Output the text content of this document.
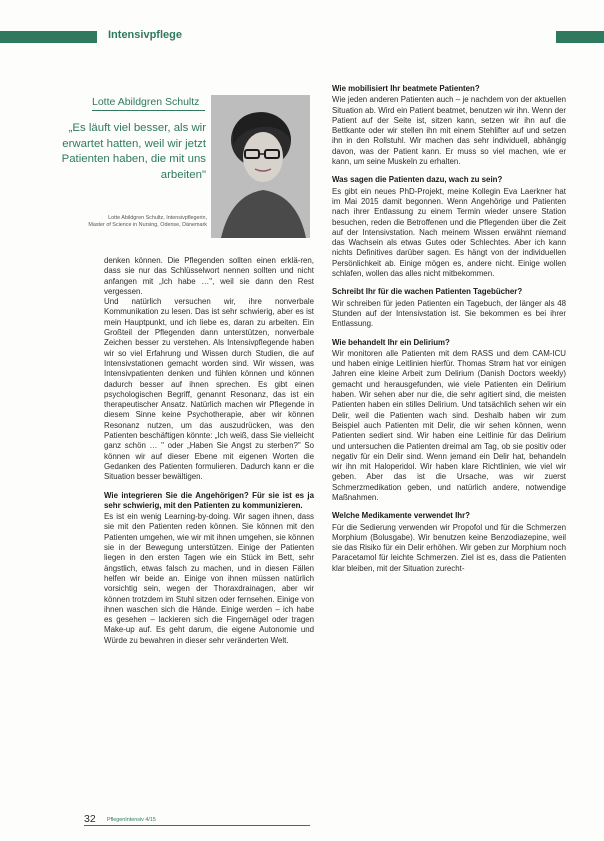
Intensivpflege
Lotte Abildgren Schultz
„Es läuft viel besser, als wir erwartet hatten, weil wir jetzt Patienten haben, die mit uns arbeiten"
Lotte Abildgren Schultz, Intensivpflegerin,
Master of Science in Nursing, Odense, Dänemark

denken können. Die Pflegenden sollten einen erklä-ren, dass sie nur das Schlüsselwort nennen sollten und nicht anfangen mit „Ich habe …", weil sie dann den Rest vergessen.

Und natürlich versuchen wir, ihre nonverbale Kommunikation zu lesen. Das ist sehr schwierig, aber es ist mein Hauptpunkt, und ich liebe es, daran zu arbeiten. Ein Großteil der Pflegenden dann unterstützen, nonverbale Zeichen besser zu verstehen. Als Intensivpflegende haben wir so viel Erfahrung und Wissen durch Studien, die auf Intensivstationen gemacht worden sind. Wir wissen, was Intensivpatienten denken und fühlen können und können dadurch besser auf ihnen sprechen. Es gibt einen psychologischen Begriff, genannt Resonanz, das ist ein therapeutischer Ansatz. Natürlich machen wir Pflegende in diesem Sinne keine Psychotherapie, aber wir können Resonanz nutzen, um das auszudrücken, was den Patienten beschäftigen könnte: „Ich weiß, dass Sie vielleicht ganz schön … " oder „Haben Sie Angst zu sterben?" So können wir auf dieser Ebene mit eigenen Worten die Gedanken des Patienten formulieren. Dadurch kann er die Situation besser bewältigen.

Wie integrieren Sie die Angehörigen? Für sie ist es ja sehr schwierig, mit den Patienten zu kommunizieren.

Es ist ein wenig Learning-by-doing. Wir sagen ihnen, dass sie mit den Patienten reden können. Sie können mit den Patienten umgehen, wie wir mit ihnen umgehen, sie können sie in der Bewegung unterstützen. Einige der Patienten liegen in den ersten Tagen wie ein Stück im Bett, sehr ängstlich, etwas falsch zu machen, und in diesen Fällen helfen wir beide an. Einige von ihnen müssen natürlich vorsichtig sein, wegen der Thoraxdrainagen, aber wir können trotzdem im Stuhl sitzen oder fernsehen. Einige von ihnen waschen sich die Hände. Einige werden – ich habe es gesehen – lackieren sich die Fingernägel oder tragen Make-up auf. Es geht darum, die eigene Autonomie und Würde zu bewahren in dieser sehr veränderten Welt.

Wie mobilisiert Ihr beatmete Patienten?

Wie jeden anderen Patienten auch – je nachdem von der aktuellen Situation ab. Wird ein Patient beatmet, benutzen wir ihn. Wenn der Patient auf der Seite ist, sitzen kann, setzen wir ihn auf die Bettkante oder wir stellen ihn mit einem Stehlifter auf und setzen ihn in den Rollstuhl. Wir machen das sehr individuell, abhängig davon, was der Patient kann. Er muss so viel machen, wie er kann, um seine Muskeln zu erhalten.

Was sagen die Patienten dazu, wach zu sein?

Es gibt ein neues PhD-Projekt, meine Kollegin Eva Laerkner hat im Mai 2015 damit begonnen. Wenn Angehörige und Patienten nach ihrer Entlassung zu einem Termin wieder unsere Station besuchen, reden die Betroffenen und die Pflegenden über die Zeit auf der Intensivstation. Nach meinem Wissen erwähnt niemand das Wachsein als etwas Gutes oder Schlechtes. Aber ich kann nichts Definitives darüber sagen. Es hängt von der individuellen Persönlichkeit ab. Einige mögen es, andere nicht. Einige wollen schlafen, wollen das alles nicht mitbekommen.

Schreibt Ihr für die wachen Patienten Tagebücher?

Wir schreiben für jeden Patienten ein Tagebuch, der länger als 48 Stunden auf der Intensivstation ist. Sie bekommen es bei ihrer Entlassung.

Wie behandelt Ihr ein Delirium?

Wir monitoren alle Patienten mit dem RASS und dem CAM-ICU und haben einige Leitlinien hierfür. Thomas Strøm hat vor einigen Jahren eine kleine Arbeit zum Delirium (Danish Doctors weekly) gemacht und herausgefunden, wie viele Patienten ein Delirium haben. Wir sehen aber nur die, die sehr agitiert sind, die meisten Patienten haben ein stilles Delirium. Und tatsächlich sehen wir ein Delir, weil die Patienten wach sind. Deshalb haben wir zum Beispiel auch Patienten mit Delir, die wir sehen können, wenn Patienten sediert sind. Wir haben eine Leitlinie für das Delirium und untersuchen die Patienten dreimal am Tag, ob sie positiv oder negativ für ein Delir sind. Wenn jemand ein Delir hat, behandeln wir ihn mit Haloperidol. Wir haben klare Richtlinien, wie viel wir geben. Aber das ist die Ursache, was wir zuerst Schmerzmedikation geben, und natürlich andere, notwendige Maßnahmen.

Welche Medikamente verwendet Ihr?

Für die Sedierung verwenden wir Propofol und für die Schmerzen Morphium (Bolusgabe). Wir benutzen keine Benzodiazepine, weil sie das Risiko für ein Delir erhöhen. Wir geben zur Morphium noch Paracetamol für leichte Schmerzen. Ziel ist es, dass die Patienten klar bleiben, mit der Situation zurecht-

32 PflegenIntensiv 4/15
